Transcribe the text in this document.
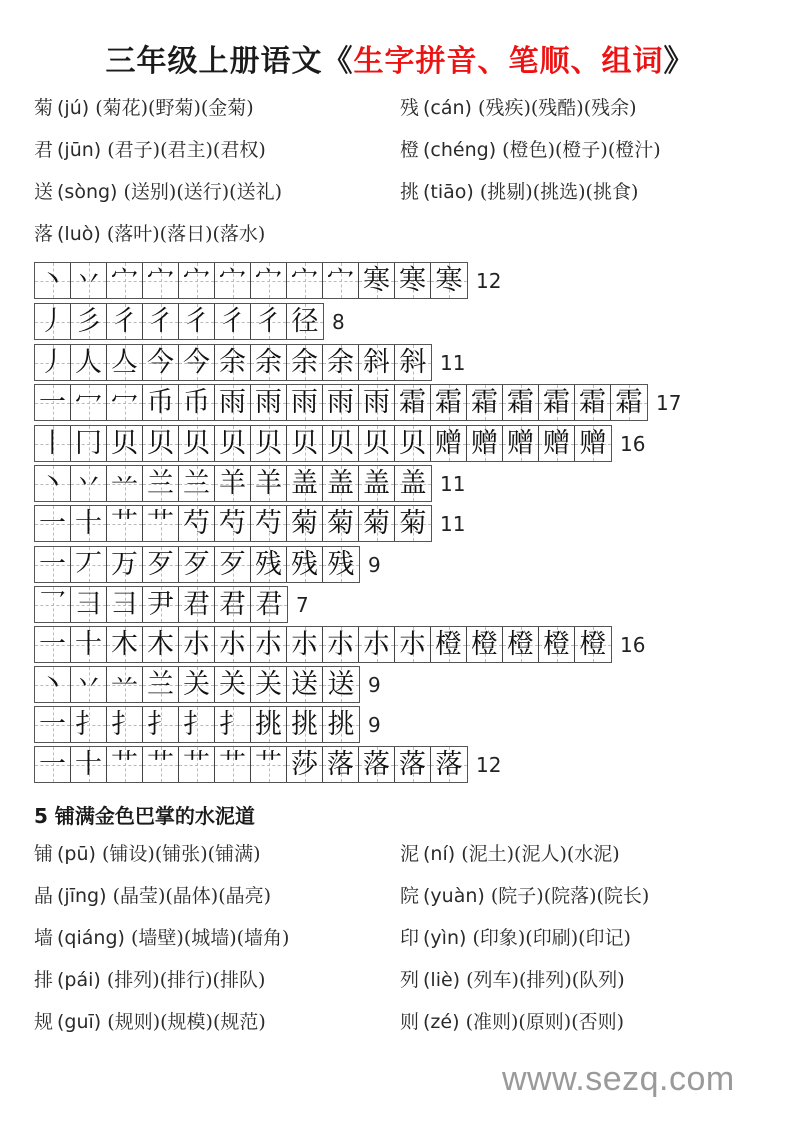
三年级上册语文《生字拼音、笔顺、组词》
菊 (jú) (菊花)(野菊)(金菊)	残 (cán) (残疾)(残酷)(残余)
君 (jūn) (君子)(君主)(君权)	橙 (chéng) (橙色)(橙子)(橙汁)
送 (sòng) (送别)(送行)(送礼)	挑 (tiāo) (挑剔)(挑选)(挑食)
落 (luò) (落叶)(落日)(落水)
丶 丷 宀 宀 宀 宀 宀 宀 宀 寒 寒 寒 12
丿 彡 彳 彳 彳 彳 彳 径 8
丿 人 亼 今 今 余 余 余 余 斜 斜 11
一 冖 冖 币 币 雨 雨 雨 雨 雨 霜 霜 霜 霜 霜 霜 霜 17
丨 冂 贝 贝 贝 贝 贝 贝 贝 贝 贝 赠 赠 赠 赠 赠 16
丶 丷 䒑 兰 兰 羊 羊 盖 盖 盖 盖 11
一 十 艹 艹 芍 芍 芍 菊 菊 菊 菊 11
一 丆 万 歹 歹 歹 残 残 残 9
乛 ⺕ 彐 尹 君 君 君 7
一 十 木 木 朩 朩 朩 朩 朩 朩 朩 橙 橙 橙 橙 橙 16
丶 丷 䒑 兰 关 关 关 送 送 9
一 扌 扌 扌 扌 扌 挑 挑 挑 9
一 十 艹 艹 艹 艹 艹 莎 落 落 落 落 12
5 铺满金色巴掌的水泥道
铺 (pū) (铺设)(铺张)(铺满)	泥 (ní) (泥土)(泥人)(水泥)
晶 (jīng) (晶莹)(晶体)(晶亮)	院 (yuàn) (院子)(院落)(院长)
墙 (qiáng) (墙壁)(城墙)(墙角)	印 (yìn) (印象)(印刷)(印记)
排 (pái) (排列)(排行)(排队)	列 (liè) (列车)(排列)(队列)
规 (guī) (规则)(规模)(规范)	则 (zé) (准则)(原则)(否则)
www.sezq.com
